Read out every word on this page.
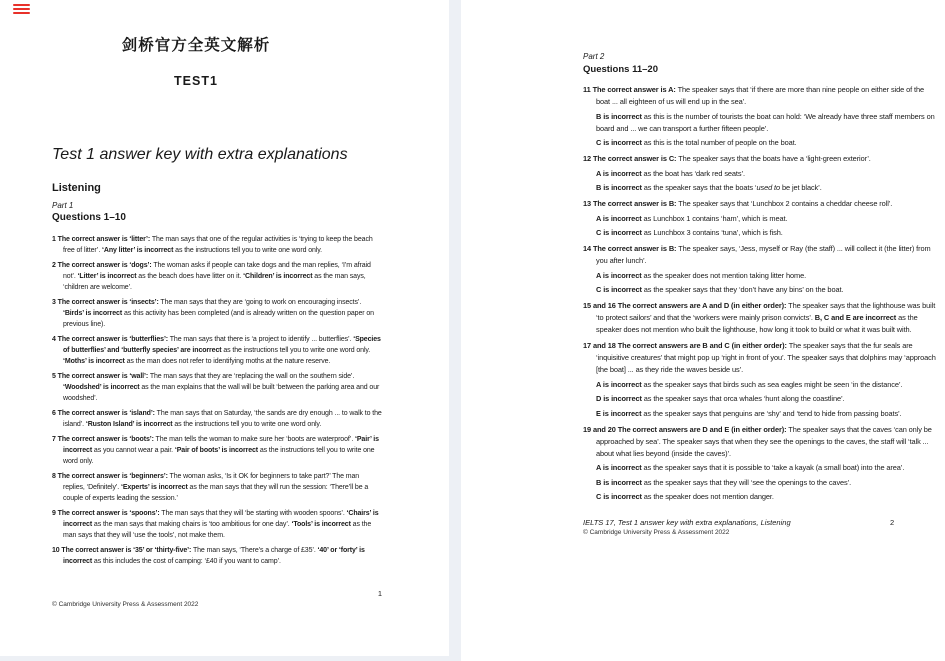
剑桥官方全英文解析
TEST1
Test 1 answer key with extra explanations
Listening
Part 1
Questions 1–10
1 The correct answer is ‘litter’: The man says that one of the regular activities is ‘trying to keep the beach free of litter’. ‘Any litter’ is incorrect as the instructions tell you to write one word only.
2 The correct answer is ‘dogs’: The woman asks if people can take dogs and the man replies, ‘I’m afraid not’. ‘Litter’ is incorrect as the beach does have litter on it. ‘Children’ is incorrect as the man says, ‘children are welcome’.
3 The correct answer is ‘insects’: The man says that they are ‘going to work on encouraging insects’. ‘Birds’ is incorrect as this activity has been completed (and is already written on the question paper on previous line).
4 The correct answer is ‘butterflies’: The man says that there is ‘a project to identify ... butterflies’. ‘Species of butterflies’ and ‘butterfly species’ are incorrect as the instructions tell you to write one word only. ‘Moths’ is incorrect as the man does not refer to identifying moths at the nature reserve.
5 The correct answer is ‘wall’: The man says that they are ‘replacing the wall on the southern side’. ‘Woodshed’ is incorrect as the man explains that the wall will be built ‘between the parking area and our woodshed’.
6 The correct answer is ‘island’: The man says that on Saturday, ‘the sands are dry enough ... to walk to the island’. ‘Ruston Island’ is incorrect as the instructions tell you to write one word only.
7 The correct answer is ‘boots’: The man tells the woman to make sure her ‘boots are waterproof’. ‘Pair’ is incorrect as you cannot wear a pair. ‘Pair of boots’ is incorrect as the instructions tell you to write one word only.
8 The correct answer is ‘beginners’: The woman asks, ‘Is it OK for beginners to take part?’ The man replies, ‘Definitely’. ‘Experts’ is incorrect as the man says that they will run the session: ‘There’ll be a couple of experts leading the session.’
9 The correct answer is ‘spoons’: The man says that they will ‘be starting with wooden spoons’. ‘Chairs’ is incorrect as the man says that making chairs is ‘too ambitious for one day’. ‘Tools’ is incorrect as the man says that they will ‘use the tools’, not make them.
10 The correct answer is ‘35’ or ‘thirty-five’: The man says, ‘There’s a charge of £35’. ‘40’ or ‘forty’ is incorrect as this includes the cost of camping: ‘£40 if you want to camp’.
1
© Cambridge University Press & Assessment 2022
Part 2
Questions 11–20

11 The correct answer is A: The speaker says that ‘if there are more than nine people on either side of the boat ... all eighteen of us will end up in the sea’.

B is incorrect as this is the number of tourists the boat can hold: ‘We already have three staff members on board and ... we can transport a further fifteen people’.

C is incorrect as this is the total number of people on the boat.

12 The correct answer is C: The speaker says that the boats have a ‘light-green exterior’.

A is incorrect as the boat has ‘dark red seats’.

B is incorrect as the speaker says that the boats ‘used to be jet black’.

13 The correct answer is B: The speaker says that ‘Lunchbox 2 contains a cheddar cheese roll’.

A is incorrect as Lunchbox 1 contains ‘ham’, which is meat.

C is incorrect as Lunchbox 3 contains ‘tuna’, which is fish.

14 The correct answer is B: The speaker says, ‘Jess, myself or Ray (the staff) ... will collect it (the litter) from you after lunch’.

A is incorrect as the speaker does not mention taking litter home.

C is incorrect as the speaker says that they ‘don’t have any bins’ on the boat.

15 and 16 The correct answers are A and D (in either order): The speaker says that the lighthouse was built ‘to protect sailors’ and that the ‘workers were mainly prison convicts’. B, C and E are incorrect as the speaker does not mention who built the lighthouse, how long it took to build or what it was built with.

17 and 18 The correct answers are B and C (in either order): The speaker says that the fur seals are ‘inquisitive creatures’ that might pop up ‘right in front of you’. The speaker says that dolphins may ‘approach [the boat] ... as they ride the waves beside us’.

A is incorrect as the speaker says that birds such as sea eagles might be seen ‘in the distance’.

D is incorrect as the speaker says that orca whales ‘hunt along the coastline’.

E is incorrect as the speaker says that penguins are ‘shy’ and ‘tend to hide from passing boats’.

19 and 20 The correct answers are D and E (in either order): The speaker says that the caves ‘can only be approached by sea’. The speaker says that when they see the openings to the caves, the staff will ‘talk ... about what lies beyond (inside the caves)’.

A is incorrect as the speaker says that it is possible to ‘take a kayak (a small boat) into the area’.

B is incorrect as the speaker says that they will ‘see the openings to the caves’.

C is incorrect as the speaker does not mention danger.

IELTS 17, Test 1 answer key with extra explanations, Listening	2
© Cambridge University Press & Assessment 2022
